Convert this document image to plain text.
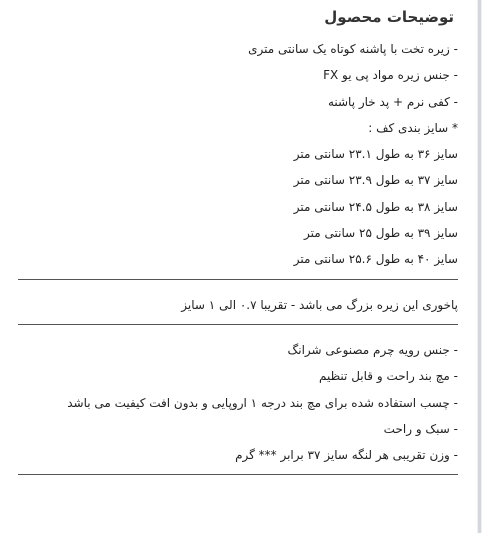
توضیحات محصول
- زیره تخت با پاشنه کوتاه یک سانتی متری
- جنس زیره مواد پی یو FX
- کفی نرم + پد خار پاشنه
* سایز بندی کف :
سایز ۳۶ به طول ۲۳.۱ سانتی متر
سایز ۳۷ به طول ۲۳.۹ سانتی متر
سایز ۳۸ به طول ۲۴.۵ سانتی متر
سایز ۳۹ به طول ۲۵ سانتی متر
سایز ۴۰ به طول ۲۵.۶ سانتی متر
پاخوری این زیره بزرگ می باشد - تقریبا ۰.۷ الی ۱ سایز
- جنس رویه چرم مصنوعی شرانگ
- مچ بند راحت و قابل تنظیم
- چسب استفاده شده برای مچ بند درجه ۱ اروپایی و بدون افت کیفیت می باشد
- سبک و راحت
- وزن تقریبی هر لنگه سایز ۳۷ برابر *** گرم
